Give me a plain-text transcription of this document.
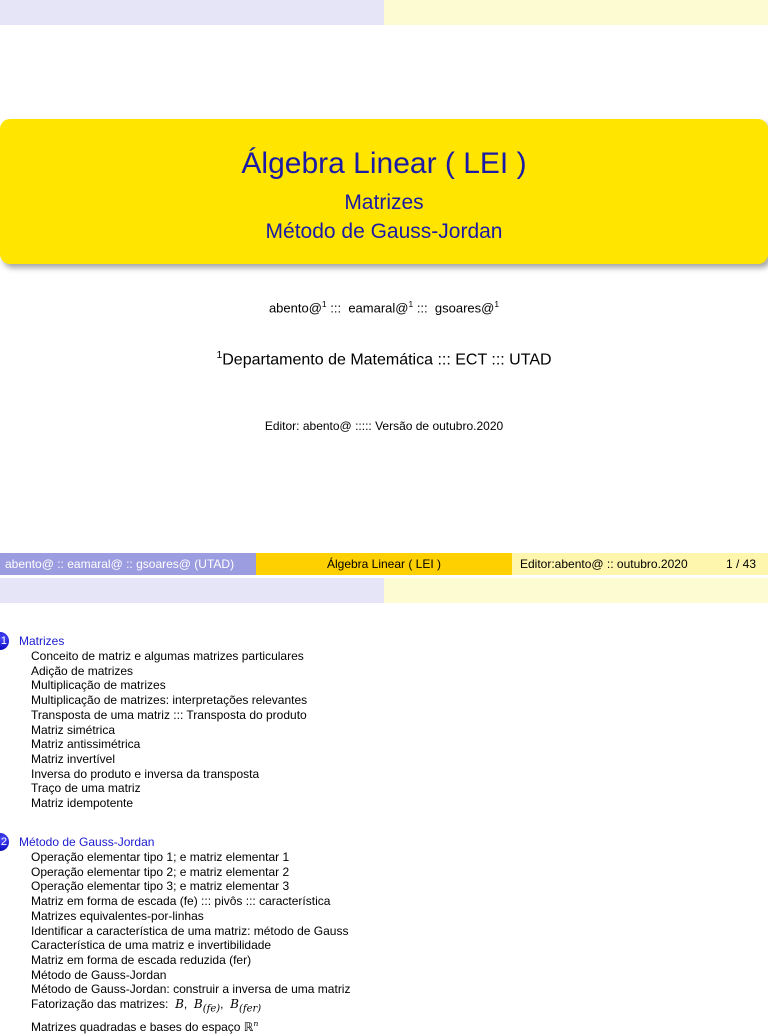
Álgebra Linear ( LEI )
Matrizes
Método de Gauss-Jordan
abento@$^1$ ::: eamaral@$^1$ ::: gsoares@$^1$
$^1$Departamento de Matemática ::: ECT ::: UTAD
Editor: abento@ ::::: Versão de outubro.2020
abento@ :: eamaral@ :: gsoares@ (UTAD)	Álgebra Linear ( LEI )	Editor:abento@ :: outubro.2020	1 / 43
1 Matrizes
Conceito de matriz e algumas matrizes particulares
Adição de matrizes
Multiplicação de matrizes
Multiplicação de matrizes: interpretações relevantes
Transposta de uma matriz ::: Transposta do produto
Matriz simétrica
Matriz antissimétrica
Matriz invertível
Inversa do produto e inversa da transposta
Traço de uma matriz
Matriz idempotente
2 Método de Gauss-Jordan
Operação elementar tipo 1; e matriz elementar 1
Operação elementar tipo 2; e matriz elementar 2
Operação elementar tipo 3; e matriz elementar 3
Matriz em forma de escada (fe) ::: pivôs ::: característica
Matrizes equivalentes-por-linhas
Identificar a característica de uma matriz: método de Gauss
Característica de uma matriz e invertibilidade
Matriz em forma de escada reduzida (fer)
Método de Gauss-Jordan
Método de Gauss-Jordan: construir a inversa de uma matriz
Fatorização das matrizes: B,  $B_{(fe)}$,  $B_{(fer)}$
Matrizes quadradas e bases do espaço ℝ$^n$
